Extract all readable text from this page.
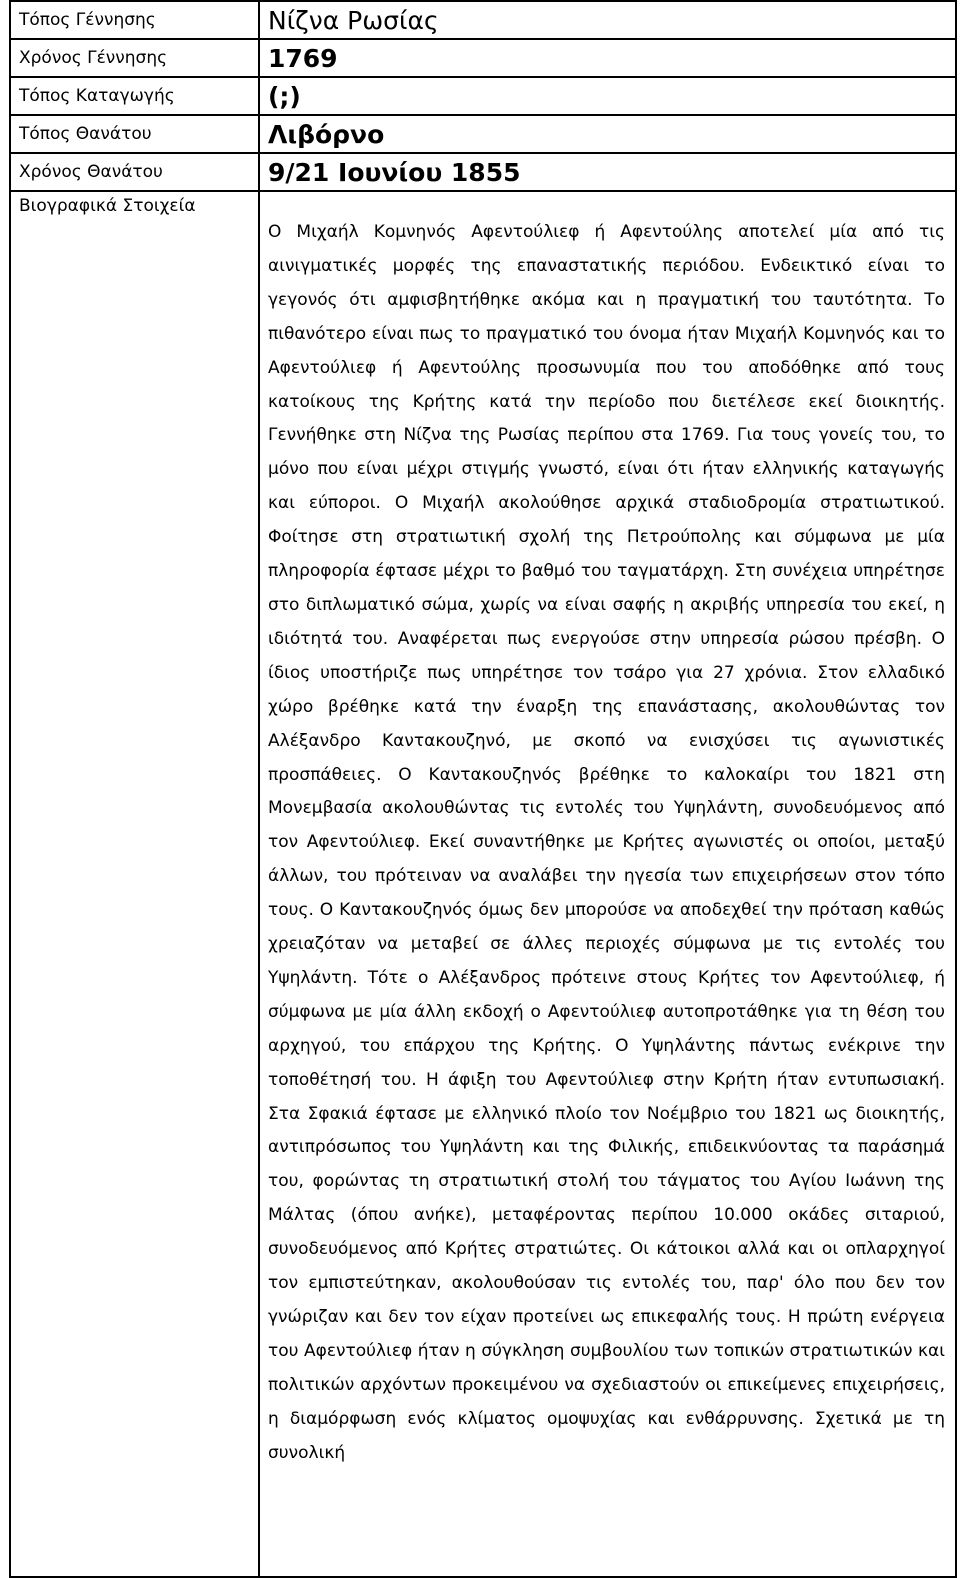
Τόπος Γέννησης	Νίζνα Ρωσίας
Χρόνος Γέννησης	1769
Τόπος Καταγωγής	(;)
Τόπος Θανάτου	Λιβόρνο
Χρόνος Θανάτου	9/21 Ιουνίου 1855
Βιογραφικά Στοιχεία	Ο Μιχαήλ Κομνηνός Αφεντούλιεφ ή Αφεντούλης αποτελεί μία από τις αινιγματικές μορφές της επαναστατικής περιόδου. Ενδεικτικό είναι το γεγονός ότι αμφισβητήθηκε ακόμα και η πραγματική του ταυτότητα. Το πιθανότερο είναι πως το πραγματικό του όνομα ήταν Μιχαήλ Κομνηνός και το Αφεντούλιεφ ή Αφεντούλης προσωνυμία που του αποδόθηκε από τους κατοίκους της Κρήτης κατά την περίοδο που διετέλεσε εκεί διοικητής. Γεννήθηκε στη Νίζνα της Ρωσίας περίπου στα 1769. Για τους γονείς του, το μόνο που είναι μέχρι στιγμής γνωστό, είναι ότι ήταν ελληνικής καταγωγής και εύποροι. Ο Μιχαήλ ακολούθησε αρχικά σταδιοδρομία στρατιωτικού. Φοίτησε στη στρατιωτική σχολή της Πετρούπολης και σύμφωνα με μία πληροφορία έφτασε μέχρι το βαθμό του ταγματάρχη. Στη συνέχεια υπηρέτησε στο διπλωματικό σώμα, χωρίς να είναι σαφής η ακριβής υπηρεσία του εκεί, η ιδιότητά του. Αναφέρεται πως ενεργούσε στην υπηρεσία ρώσου πρέσβη. Ο ίδιος υποστήριζε πως υπηρέτησε τον τσάρο για 27 χρόνια. Στον ελλαδικό χώρο βρέθηκε κατά την έναρξη της επανάστασης, ακολουθώντας τον Αλέξανδρο Καντακουζηνό, με σκοπό να ενισχύσει τις αγωνιστικές προσπάθειες. Ο Καντακουζηνός βρέθηκε το καλοκαίρι του 1821 στη Μονεμβασία ακολουθώντας τις εντολές του Υψηλάντη, συνοδευόμενος από τον Αφεντούλιεφ. Εκεί συναντήθηκε με Κρήτες αγωνιστές οι οποίοι, μεταξύ άλλων, του πρότειναν να αναλάβει την ηγεσία των επιχειρήσεων στον τόπο τους. Ο Καντακουζηνός όμως δεν μπορούσε να αποδεχθεί την πρόταση καθώς χρειαζόταν να μεταβεί σε άλλες περιοχές σύμφωνα με τις εντολές του Υψηλάντη. Τότε ο Αλέξανδρος πρότεινε στους Κρήτες τον Αφεντούλιεφ, ή σύμφωνα με μία άλλη εκδοχή ο Αφεντούλιεφ αυτοπροτάθηκε για τη θέση του αρχηγού, του επάρχου της Κρήτης. Ο Υψηλάντης πάντως ενέκρινε την τοποθέτησή του. Η άφιξη του Αφεντούλιεφ στην Κρήτη ήταν εντυπωσιακή. Στα Σφακιά έφτασε με ελληνικό πλοίο τον Νοέμβριο του 1821 ως διοικητής, αντιπρόσωπος του Υψηλάντη και της Φιλικής, επιδεικνύοντας τα παράσημά του, φορώντας τη στρατιωτική στολή του τάγματος του Αγίου Ιωάννη της Μάλτας (όπου ανήκε), μεταφέροντας περίπου 10.000 οκάδες σιταριού, συνοδευόμενος από Κρήτες στρατιώτες. Οι κάτοικοι αλλά και οι οπλαρχηγοί τον εμπιστεύτηκαν, ακολουθούσαν τις εντολές του, παρ' όλο που δεν τον γνώριζαν και δεν τον είχαν προτείνει ως επικεφαλής τους. Η πρώτη ενέργεια του Αφεντούλιεφ ήταν η σύγκληση συμβουλίου των τοπικών στρατιωτικών και πολιτικών αρχόντων προκειμένου να σχεδιαστούν οι επικείμενες επιχειρήσεις, η διαμόρφωση ενός κλίματος ομοψυχίας και ενθάρρυνσης. Σχετικά με τη συνολική
